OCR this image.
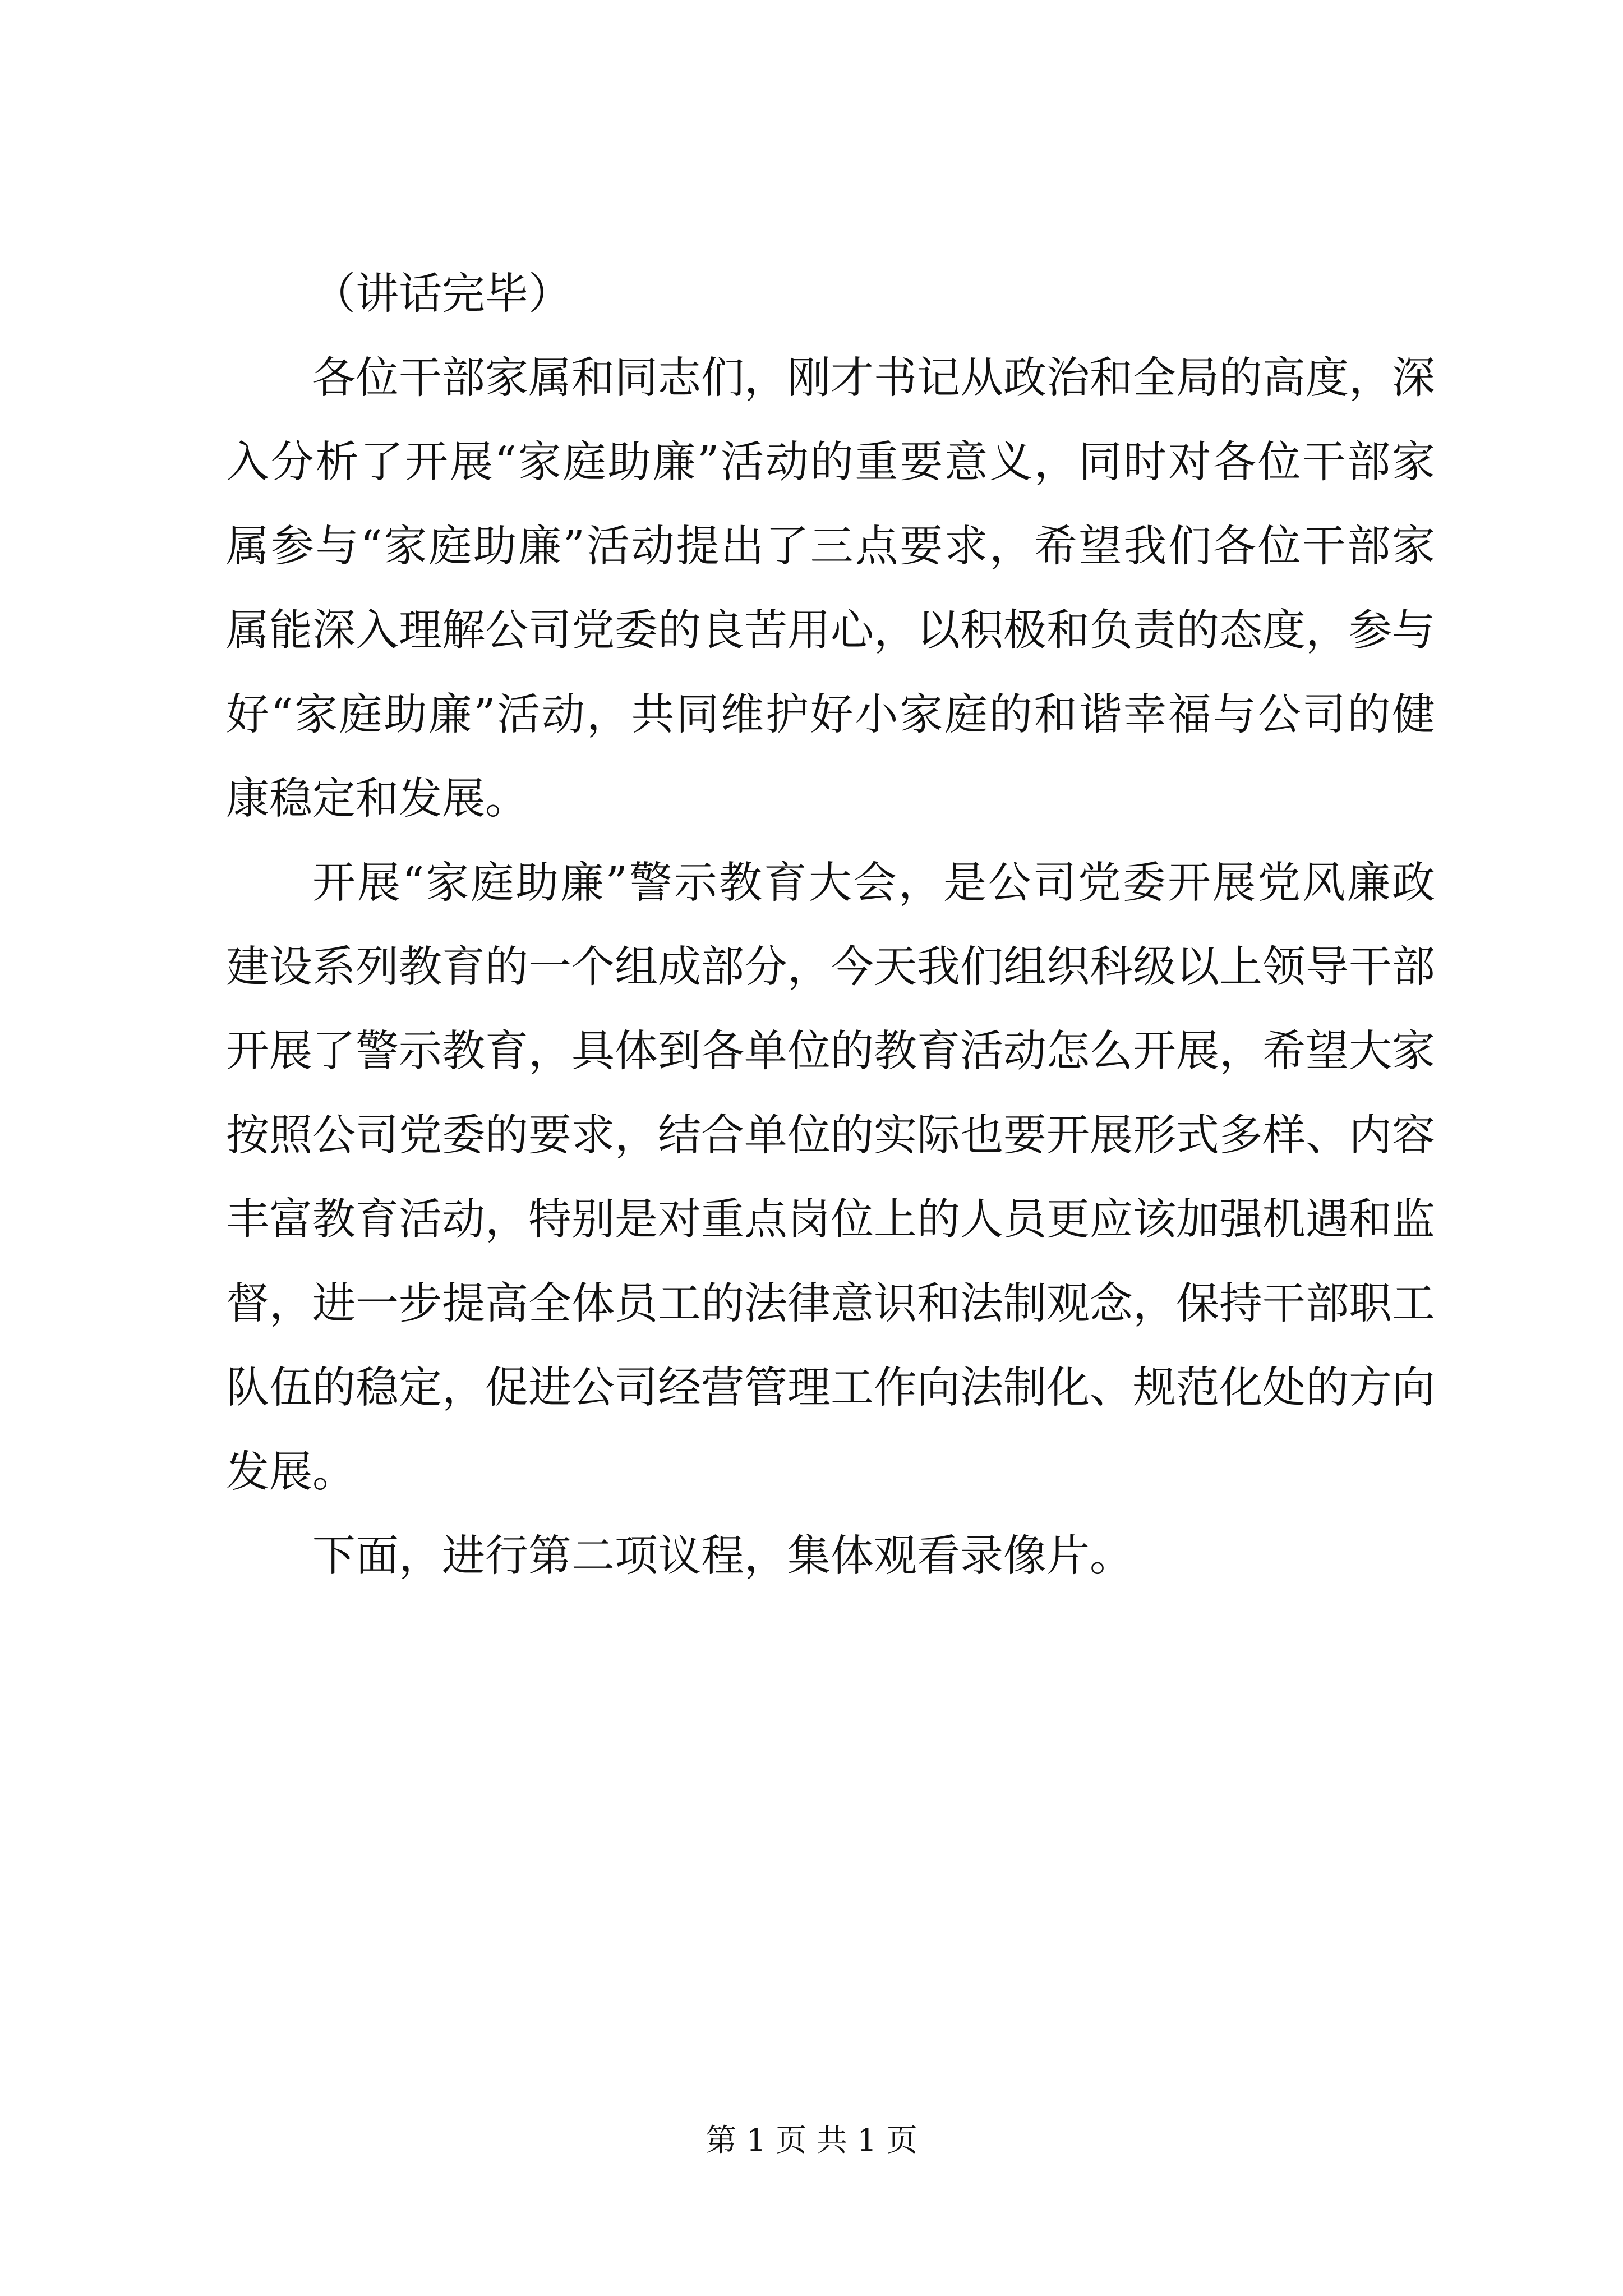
（讲话完毕）

各位干部家属和同志们，刚才书记从政治和全局的高度，深入分析了开展“家庭助廉”活动的重要意义，同时对各位干部家属参与“家庭助廉”活动提出了三点要求，希望我们各位干部家属能深入理解公司党委的良苦用心，以积极和负责的态度，参与好“家庭助廉”活动，共同维护好小家庭的和谐幸福与公司的健康稳定和发展。

开展“家庭助廉”警示教育大会，是公司党委开展党风廉政建设系列教育的一个组成部分，今天我们组织科级以上领导干部开展了警示教育，具体到各单位的教育活动怎么开展，希望大家按照公司党委的要求，结合单位的实际也要开展形式多样、内容丰富教育活动，特别是对重点岗位上的人员更应该加强机遇和监督，进一步提高全体员工的法律意识和法制观念，保持干部职工队伍的稳定，促进公司经营管理工作向法制化、规范化处的方向发展。

下面，进行第二项议程，集体观看录像片。

第 1 页 共 1 页
